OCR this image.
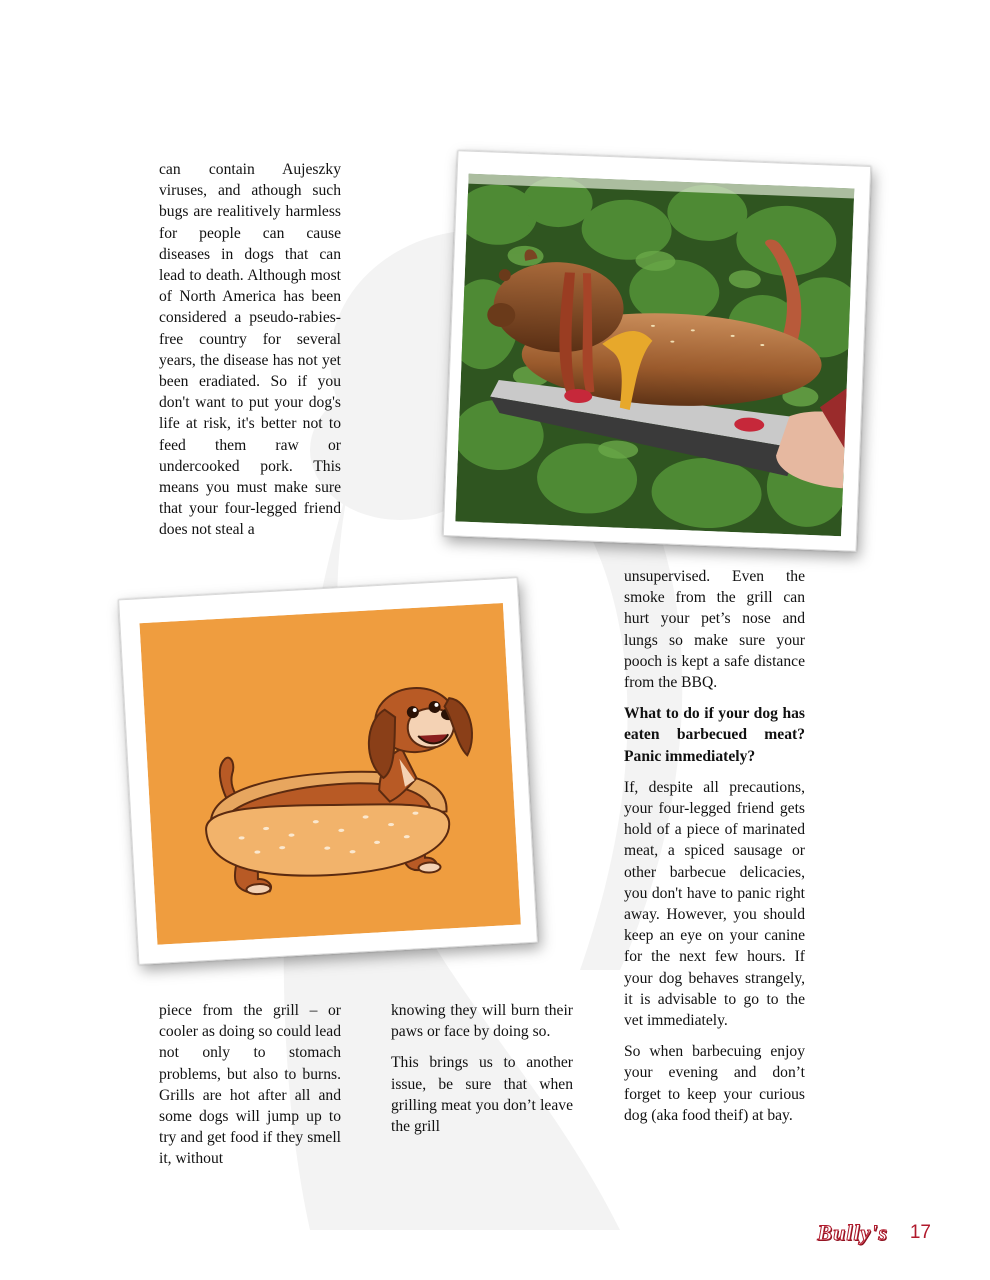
can contain Aujeszky viruses, and athough such bugs are realitively harmless for people can cause diseases in dogs that can lead to death. Although most of North America has been considered a pseudo-rabies-free country for several years, the disease has not yet been eradiated. So if you don't want to put your dog's life at risk, it's better not to feed them raw or undercooked pork. This means you must make sure that your four-legged friend does not steal a

piece from the grill – or cooler as doing so could lead not only to stomach problems, but also to burns. Grills are hot after all and some dogs will jump up to try and get food if they smell it, without

knowing they will burn their paws or face by doing so.

This brings us to another issue, be sure that when grilling meat you don’t leave the grill

unsupervised. Even the smoke from the grill can hurt your pet’s nose and lungs so make sure your pooch is kept a safe distance from the BBQ.

What to do if your dog has eaten barbecued meat? Panic immediately?

If, despite all precautions, your four-legged friend gets hold of a piece of marinated meat, a spiced sausage or other barbecue delicacies, you don't have to panic right away. However, you should keep an eye on your canine for the next few hours. If your dog behaves strangely, it is advisable to go to the vet immediately.

So when barbecuing enjoy your evening and don’t forget to keep your curious dog (aka food theif) at bay.

Bully's 17
